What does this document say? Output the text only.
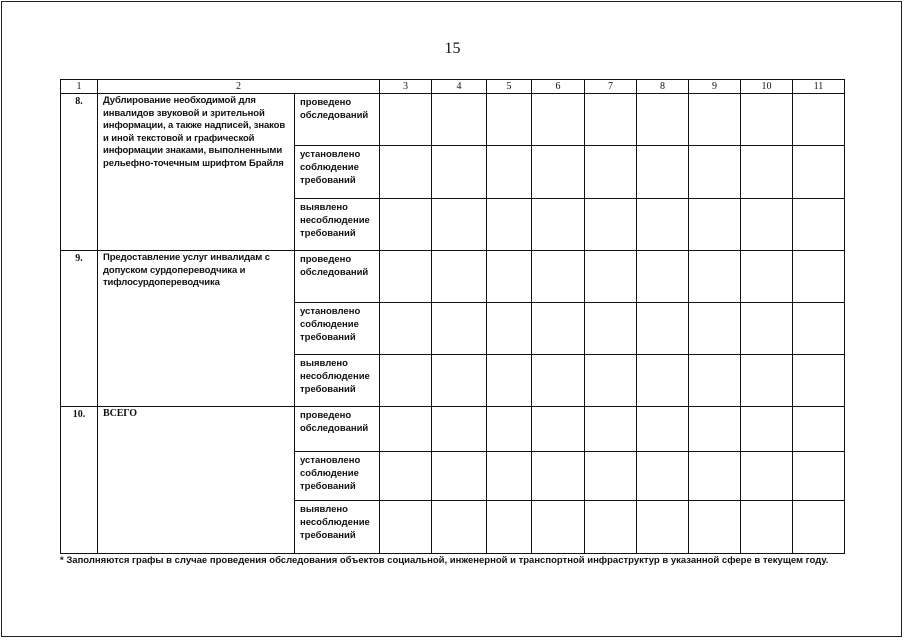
15
1	2		3	4	5	6	7	8	9	10	11
8.	Дублирование необходимой для инвалидов звуковой и зрительной информации, а также надписей, знаков и иной текстовой и графической информации знаками, выполненными рельефно-точечным шрифтом Брайля	проведено обследований									
		установлено соблюдение требований									
		выявлено несоблюдение требований									
9.	Предоставление услуг инвалидам с допуском сурдопереводчика и тифлосурдопереводчика	проведено обследований									
		установлено соблюдение требований									
		выявлено несоблюдение требований									
10.	ВСЕГО	проведено обследований									
		установлено соблюдение требований									
		выявлено несоблюдение требований									
* Заполняются графы в случае проведения обследования объектов социальной, инженерной и транспортной инфраструктур в указанной сфере в текущем году.
